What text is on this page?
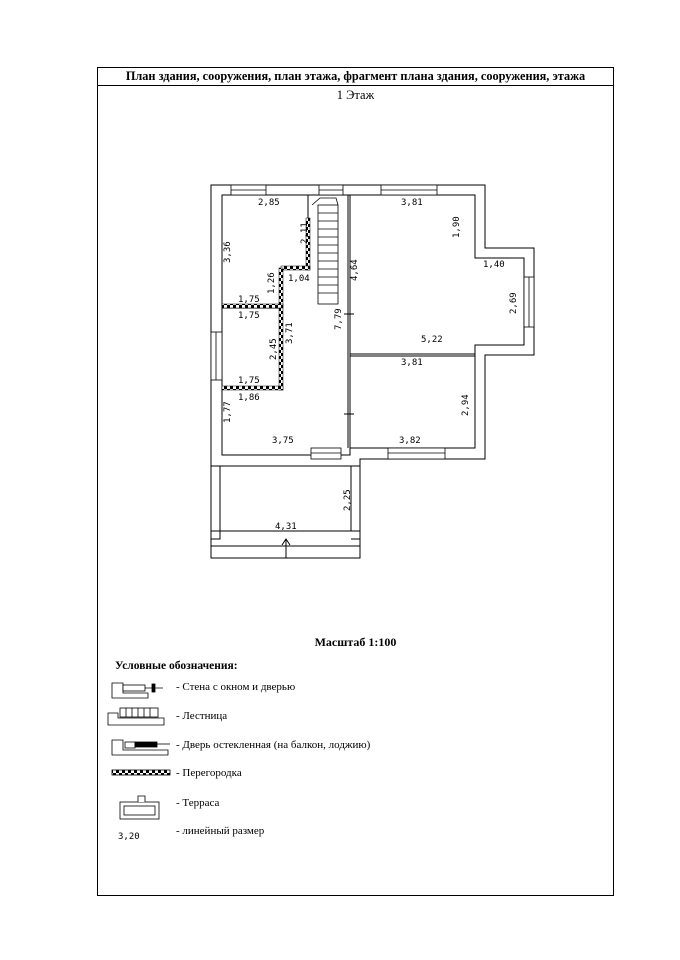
План здания, сооружения, план этажа, фрагмент плана здания, сооружения, этажа
1 Этаж
2,85	3,81
1,90
1,40
3,36
2,11
4,64
1,26 1,04
2,69
1,75
1,75
3,71
7,79
5,22
2,45
3,81
1,75
1,86	2,94
1,77
3,75	3,82
2,25
4,31
Масштаб 1:100
Условные обозначения:
- Стена с окном и дверью
- Лестница
- Дверь остекленная (на балкон, лоджию)
- Перегородка
- Терраса
- линейный размер
3,20
